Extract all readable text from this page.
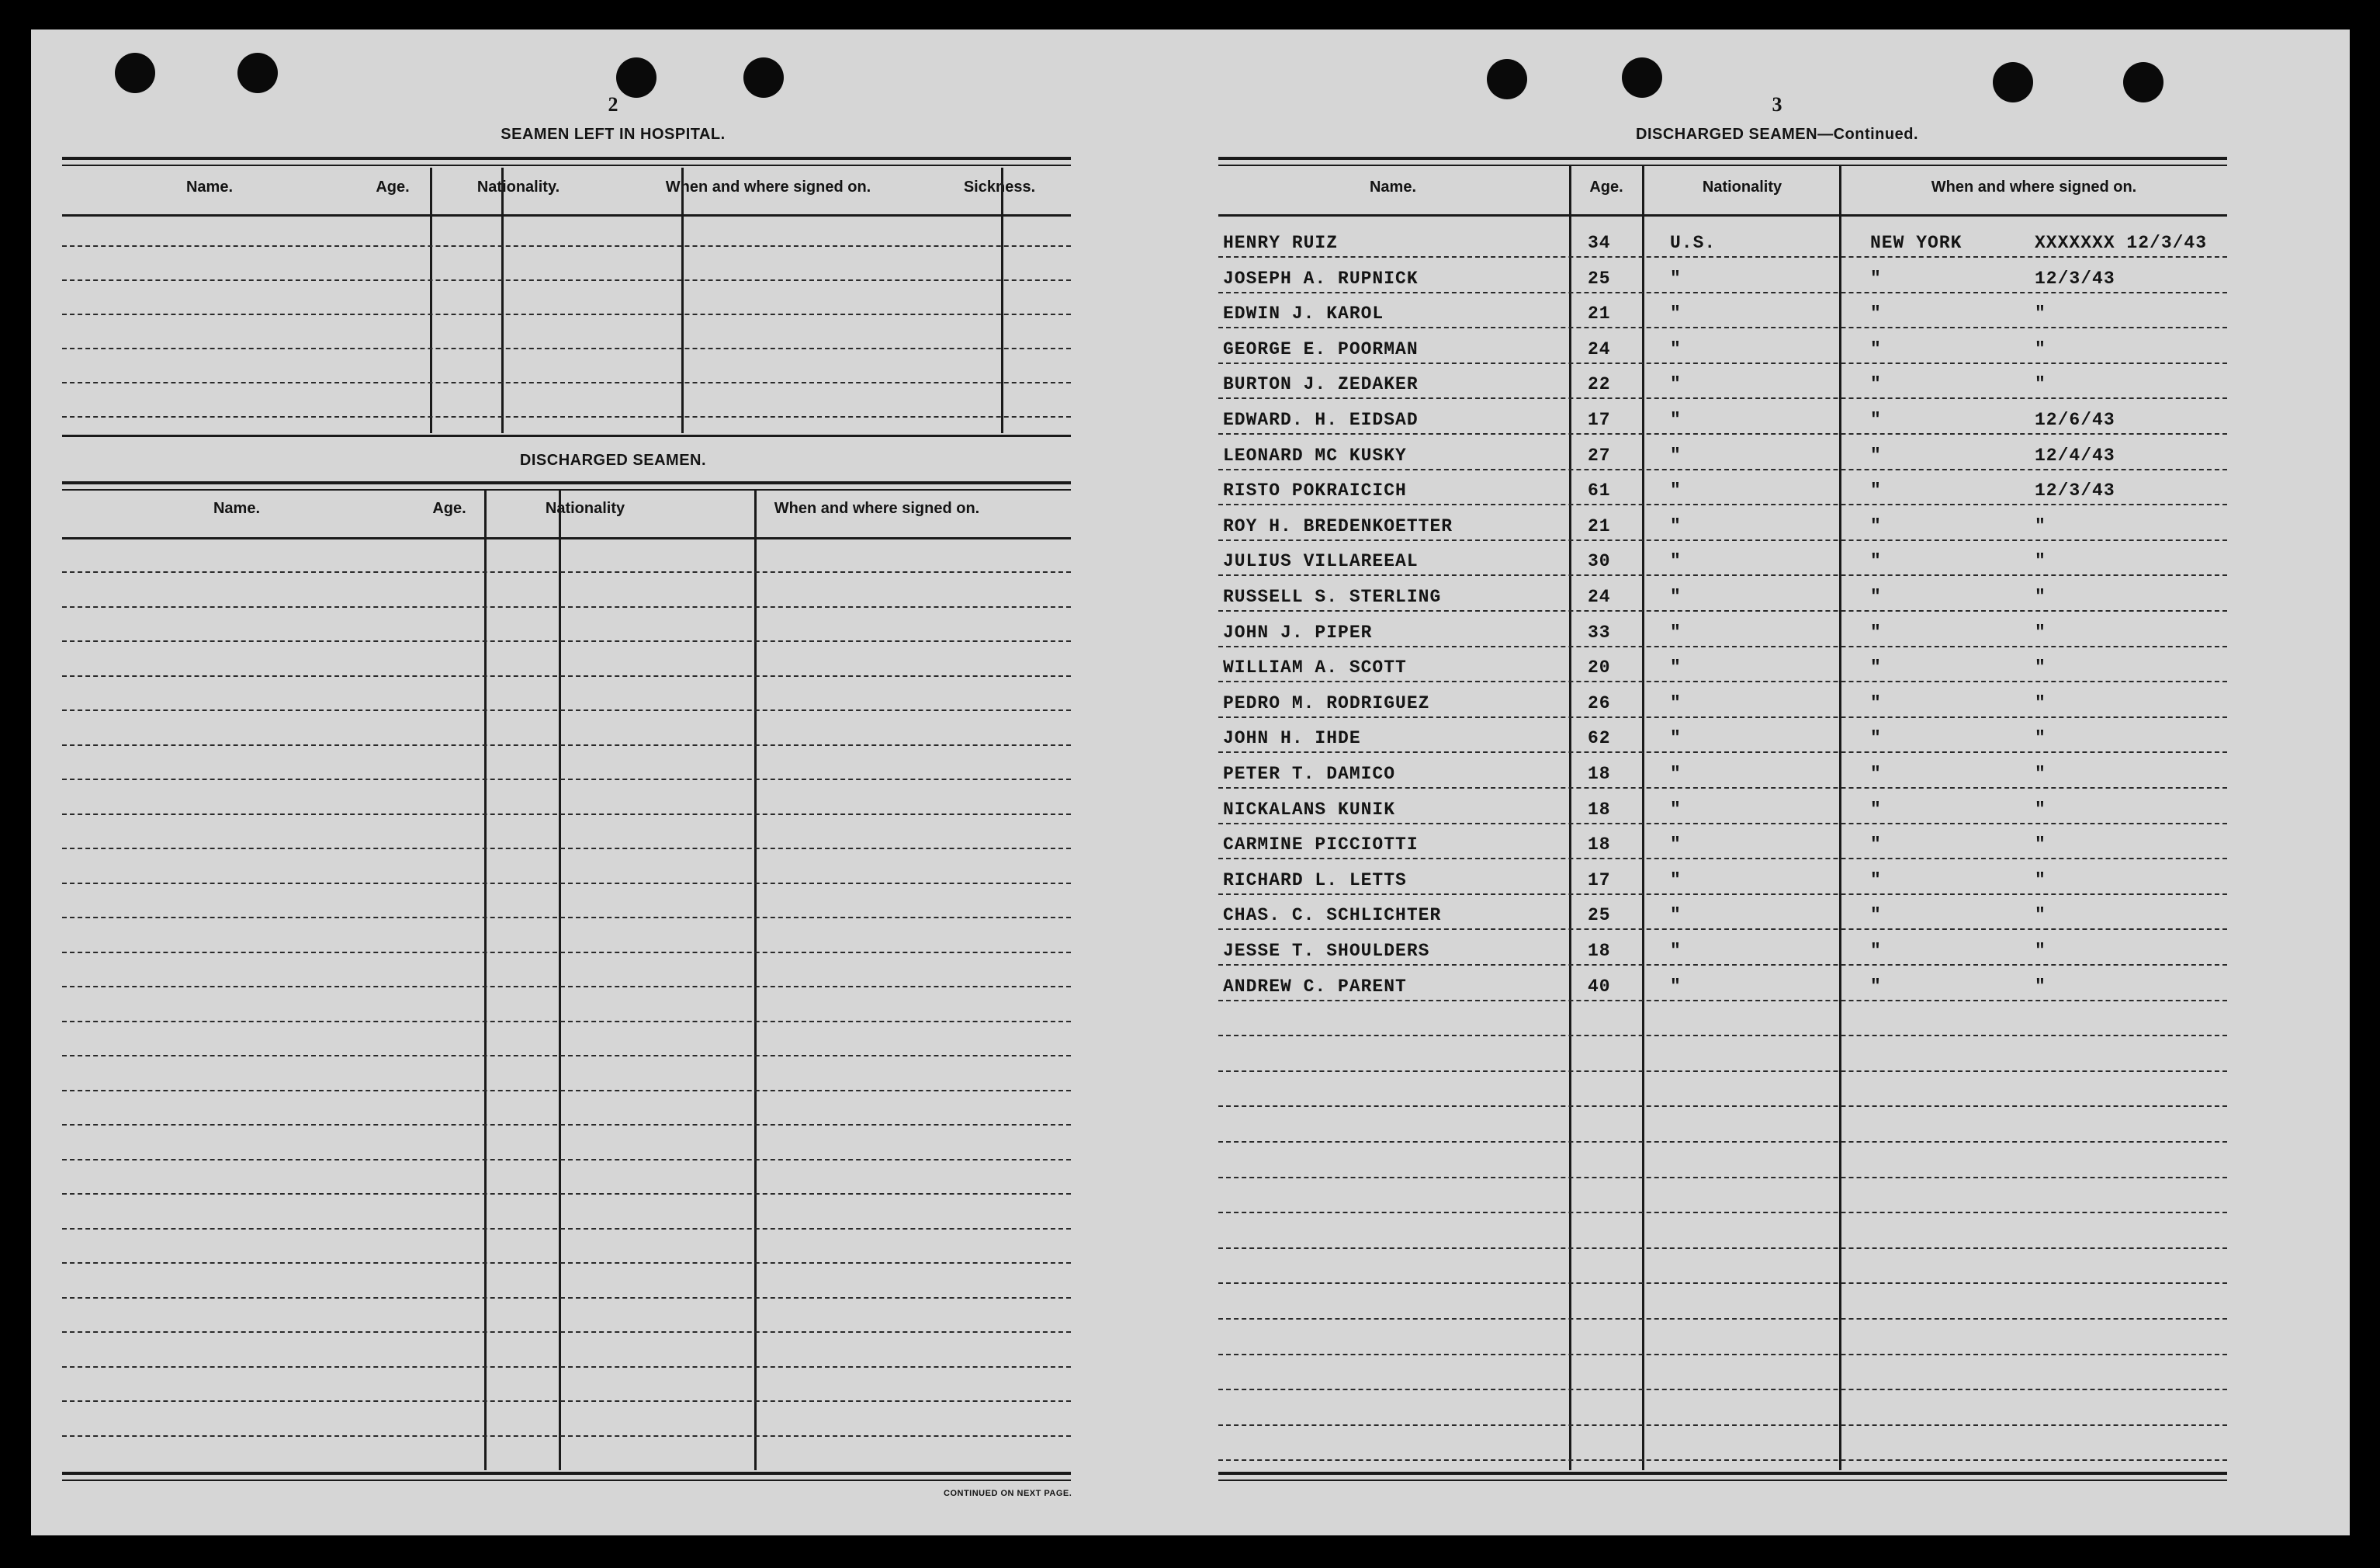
2
SEAMEN LEFT IN HOSPITAL.
Name.	Age.	Nationality.	When and where signed on.	Sickness.
DISCHARGED SEAMEN.
Name.	Age.	Nationality	When and where signed on.
CONTINUED ON NEXT PAGE.
3
DISCHARGED SEAMEN—Continued.
Name.	Age.	Nationality	When and where signed on.
HENRY RUIZ	34	U.S.	NEW YORK	XXXXXXX 12/3/43
JOSEPH A. RUPNICK	25	"	"	12/3/43
EDWIN J. KAROL	21	"	"	"
GEORGE E. POORMAN	24	"	"	"
BURTON J. ZEDAKER	22	"	"	"
EDWARD. H. EIDSAD	17	"	"	12/6/43
LEONARD MC KUSKY	27	"	"	12/4/43
RISTO POKRAICICH	61	"	"	12/3/43
ROY H. BREDENKOETTER	21	"	"	"
JULIUS VILLAREEAL	30	"	"	"
RUSSELL S. STERLING	24	"	"	"
JOHN J. PIPER	33	"	"	"
WILLIAM A. SCOTT	20	"	"	"
PEDRO M. RODRIGUEZ	26	"	"	"
JOHN H. IHDE	62	"	"	"
PETER T. DAMICO	18	"	"	"
NICKALANS KUNIK	18	"	"	"
CARMINE PICCIOTTI	18	"	"	"
RICHARD L. LETTS	17	"	"	"
CHAS. C. SCHLICHTER	25	"	"	"
JESSE T. SHOULDERS	18	"	"	"
ANDREW C. PARENT	40	"	"	"
